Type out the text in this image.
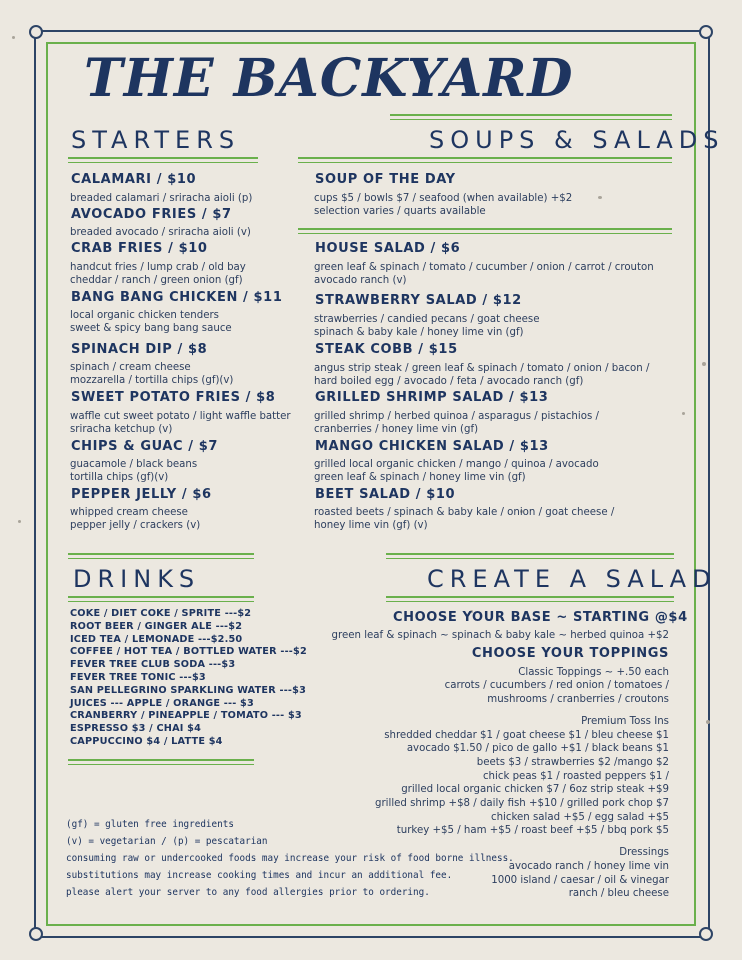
THE BACKYARD
STARTERS	SOUPS & SALADS
CALAMARI / $10

breaded calamari / sriracha aioli (p)

AVOCADO FRIES / $7

breaded avocado / sriracha aioli (v)

CRAB FRIES / $10

handcut fries / lump crab / old bay

cheddar / ranch / green onion (gf)

BANG BANG CHICKEN / $11

local organic chicken tenders

sweet & spicy bang bang sauce

SPINACH DIP / $8

spinach / cream cheese

mozzarella / tortilla chips (gf)(v)

SWEET POTATO FRIES / $8

waffle cut sweet potato / light waffle batter

sriracha ketchup (v)

CHIPS & GUAC / $7

guacamole / black beans

tortilla chips (gf)(v)

PEPPER JELLY / $6

whipped cream cheese

pepper jelly / crackers (v)

SOUP OF THE DAY

cups $5 / bowls $7 / seafood (when available) +$2

selection varies / quarts available

HOUSE SALAD / $6

green leaf & spinach / tomato / cucumber / onion / carrot / crouton

avocado ranch (v)

STRAWBERRY SALAD / $12

strawberries / candied pecans / goat cheese

spinach & baby kale / honey lime vin (gf)

STEAK COBB / $15

angus strip steak / green leaf & spinach / tomato / onion / bacon /

hard boiled egg / avocado / feta / avocado ranch (gf)

GRILLED SHRIMP SALAD / $13

grilled shrimp / herbed quinoa / asparagus / pistachios /

cranberries / honey lime vin (gf)

MANGO CHICKEN SALAD / $13

grilled local organic chicken / mango / quinoa / avocado

green leaf & spinach / honey lime vin (gf)

BEET SALAD / $10

roasted beets / spinach & baby kale / onion / goat cheese /

honey lime vin (gf) (v)

DRINKS
COKE / DIET COKE / SPRITE ---$2
ROOT BEER / GINGER ALE ---$2
ICED TEA / LEMONADE ---$2.50
COFFEE / HOT TEA / BOTTLED WATER ---$2
FEVER TREE CLUB SODA ---$3
FEVER TREE TONIC ---$3
SAN PELLEGRINO SPARKLING WATER ---$3
JUICES --- APPLE / ORANGE --- $3
CRANBERRY / PINEAPPLE / TOMATO --- $3
ESPRESSO $3 / CHAI $4
CAPPUCCINO $4 / LATTE $4
(gf) = gluten free ingredients
(v) = vegetarian / (p) = pescatarian
consuming raw or undercooked foods may increase your risk of food borne illness.
substitutions may increase cooking times and incur an additional fee.
please alert your server to any food allergies prior to ordering.
CREATE A SALAD
CHOOSE YOUR BASE ~ STARTING @$4
green leaf & spinach ~ spinach & baby kale ~ herbed quinoa +$2
CHOOSE YOUR TOPPINGS
Classic Toppings ~ +.50 each
carrots / cucumbers / red onion / tomatoes /
mushrooms / cranberries / croutons
Premium Toss Ins
shredded cheddar $1 / goat cheese $1 / bleu cheese $1
avocado $1.50 / pico de gallo +$1 / black beans $1
beets $3 / strawberries $2 /mango $2
chick peas $1 / roasted peppers $1 /
grilled local organic chicken $7 / 6oz strip steak +$9
grilled shrimp +$8 / daily fish +$10 / grilled pork chop $7
chicken salad +$5 / egg salad +$5
turkey +$5 / ham +$5 / roast beef +$5 / bbq pork $5
Dressings
avocado ranch / honey lime vin
1000 island / caesar / oil & vinegar
ranch / bleu cheese
